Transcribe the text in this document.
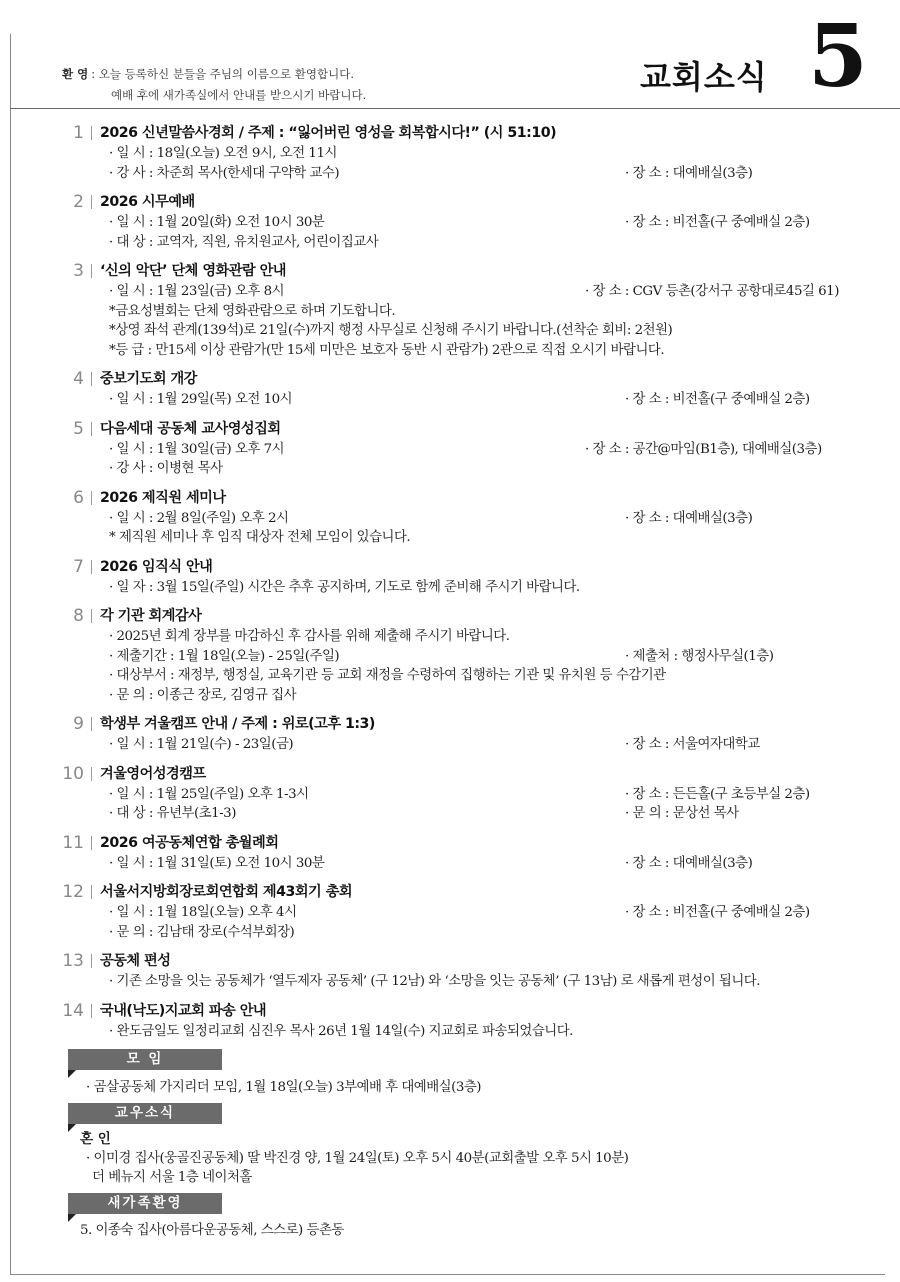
환 영 : 오늘 등록하신 분들을 주님의 이름으로 환영합니다.
예배 후에 새가족실에서 안내를 받으시기 바랍니다.	교회소식 5
1 2026 신년말씀사경회 / 주제 : “잃어버린 영성을 회복합시다!” (시 51:10)
· 일 시 : 18일(오늘) 오전 9시, 오전 11시
· 강 사 : 차준희 목사(한세대 구약학 교수)	· 장 소 : 대예배실(3층)
2 2026 시무예배
· 일 시 : 1월 20일(화) 오전 10시 30분	· 장 소 : 비전홀(구 중예배실 2층)
· 대 상 : 교역자, 직원, 유치원교사, 어린이집교사
3 ‘신의 악단’ 단체 영화관람 안내
· 일 시 : 1월 23일(금) 오후 8시	· 장 소 : CGV 등촌(강서구 공항대로45길 61)
*금요성별회는 단체 영화관람으로 하며 기도합니다.
*상영 좌석 관계(139석)로 21일(수)까지 행정 사무실로 신청해 주시기 바랍니다.(선착순 회비: 2천원)
*등 급 : 만15세 이상 관람가(만 15세 미만은 보호자 동반 시 관람가) 2관으로 직접 오시기 바랍니다.
4 중보기도회 개강
· 일 시 : 1월 29일(목) 오전 10시	· 장 소 : 비전홀(구 중예배실 2층)
5 다음세대 공동체 교사영성집회
· 일 시 : 1월 30일(금) 오후 7시	· 장 소 : 공간@마임(B1층), 대예배실(3층)
· 강 사 : 이병현 목사
6 2026 제직원 세미나
· 일 시 : 2월 8일(주일) 오후 2시	· 장 소 : 대예배실(3층)
* 제직원 세미나 후 임직 대상자 전체 모임이 있습니다.
7 2026 임직식 안내
· 일 자 : 3월 15일(주일) 시간은 추후 공지하며, 기도로 함께 준비해 주시기 바랍니다.
8 각 기관 회계감사
· 2025년 회계 장부를 마감하신 후 감사를 위해 제출해 주시기 바랍니다.
· 제출기간 : 1월 18일(오늘) - 25일(주일)	· 제출처 : 행정사무실(1층)
· 대상부서 : 재정부, 행정실, 교육기관 등 교회 재정을 수령하여 집행하는 기관 및 유치원 등 수감기관
· 문 의 : 이종근 장로, 김영규 집사
9 학생부 겨울캠프 안내 / 주제 : 위로(고후 1:3)
· 일 시 : 1월 21일(수) - 23일(금)	· 장 소 : 서울여자대학교
10 겨울영어성경캠프
· 일 시 : 1월 25일(주일) 오후 1-3시	· 장 소 : 든든홀(구 초등부실 2층)
· 대 상 : 유년부(초1-3)	· 문 의 : 문상선 목사
11 2026 여공동체연합 총월례회
· 일 시 : 1월 31일(토) 오전 10시 30분	· 장 소 : 대예배실(3층)
12 서울서지방회장로회연합회 제43회기 총회
· 일 시 : 1월 18일(오늘) 오후 4시	· 장 소 : 비전홀(구 중예배실 2층)
· 문 의 : 김남태 장로(수석부회장)
13 공동체 편성
· 기존 소망을 잇는 공동체가 ‘열두제자 공동체’ (구 12남) 와 ‘소망을 잇는 공동체’ (구 13남) 로 새롭게 편성이 됩니다.
14 국내(낙도)지교회 파송 안내
· 완도금일도 일정리교회 심진우 목사 26년 1월 14일(수) 지교회로 파송되었습니다.
모 임
· 곰살공동체 가지리더 모임, 1월 18일(오늘) 3부예배 후 대예배실(3층)
교우소식
혼 인
· 이미경 집사(웅골진공동체) 딸 박진경 양, 1월 24일(토) 오후 5시 40분(교회출발 오후 5시 10분)
더 베뉴지 서울 1층 네이처홀
새가족환영
5. 이종숙 집사(아름다운공동체, 스스로) 등촌동
